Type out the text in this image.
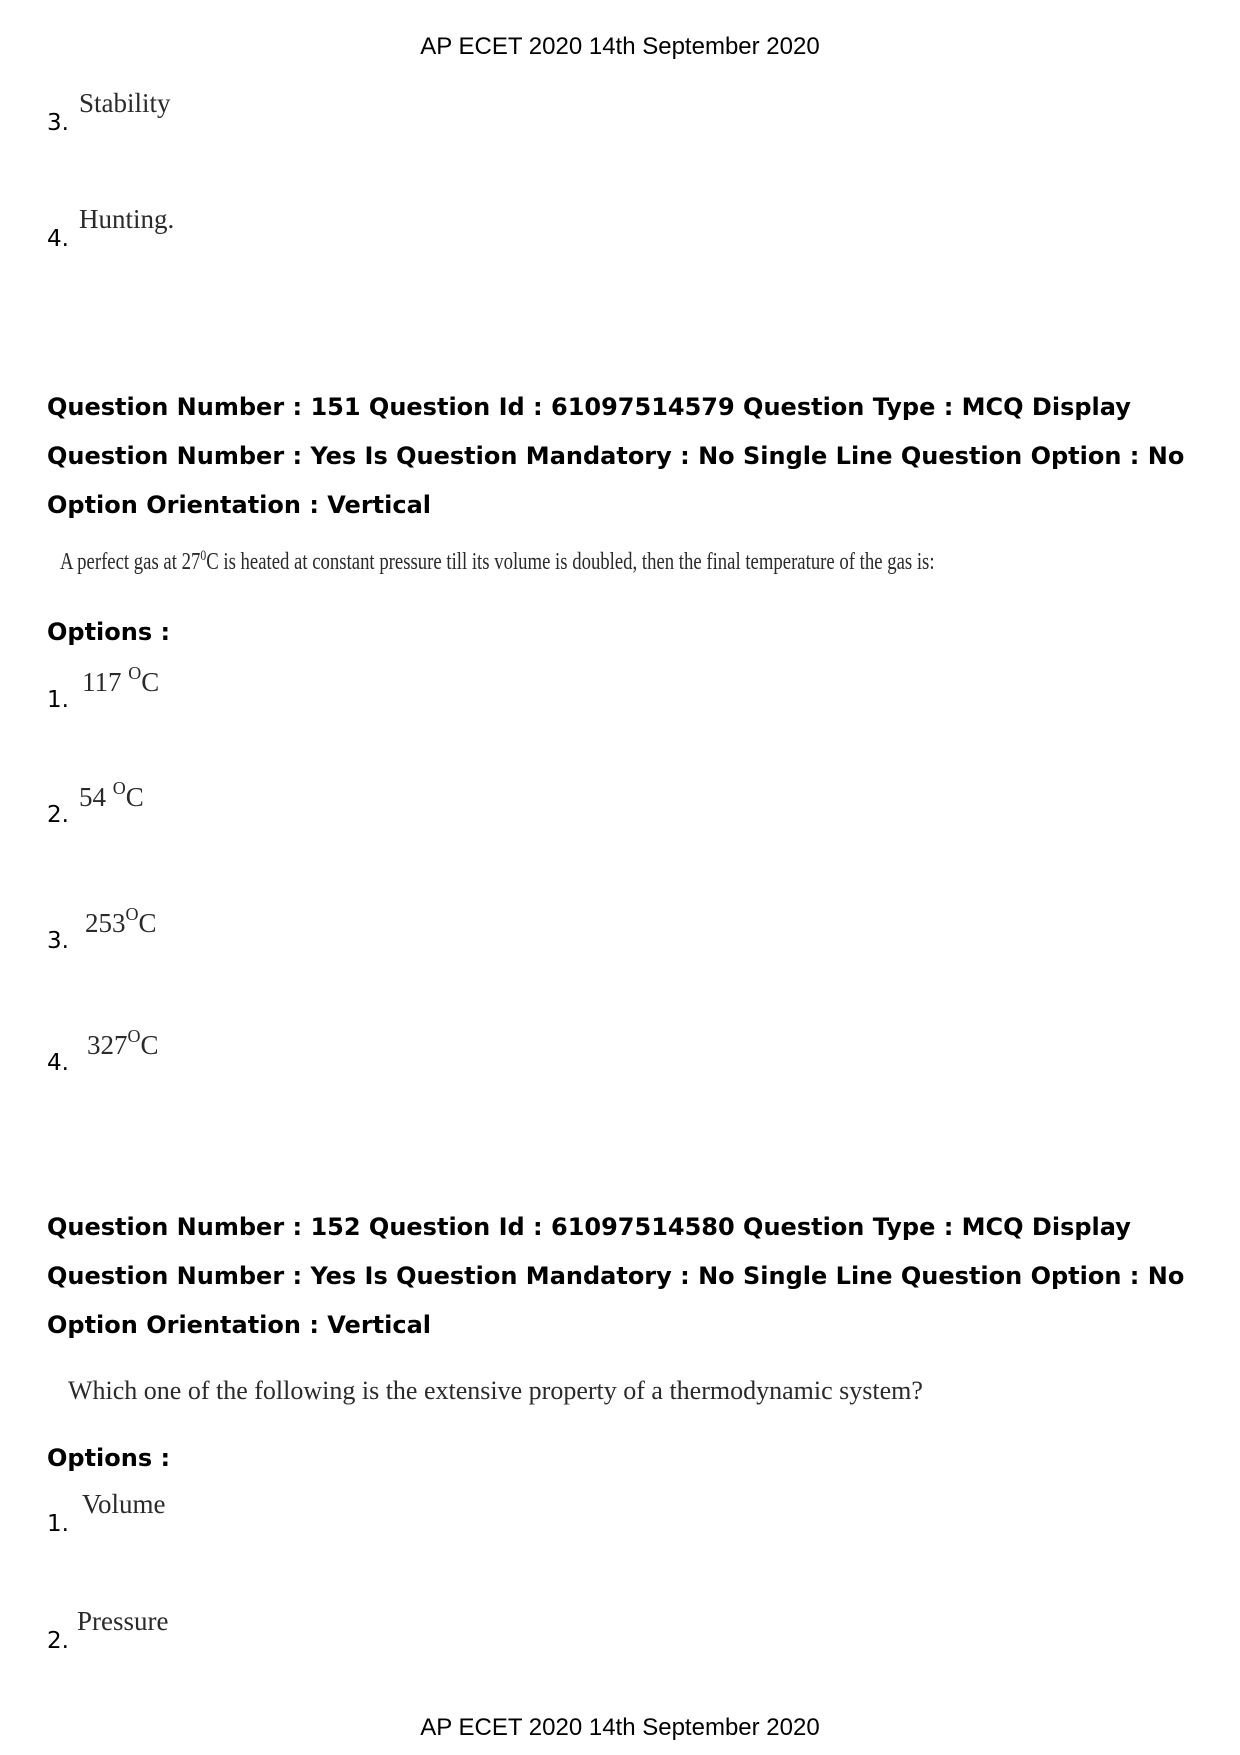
AP ECET 2020 14th September 2020
3.
Stability
4.
Hunting.

Question Number : 151 Question Id : 61097514579 Question Type : MCQ Display Question Number : Yes Is Question Mandatory : No Single Line Question Option : No Option Orientation : Vertical

A perfect gas at $27^0C$ is heated at constant pressure till its volume is doubled, then the final temperature of the gas is:
Options :
1.
117 $^O$C
2.
54 $^O$C
3.
$253^OC$
4.
$327^OC$

Question Number : 152 Question Id : 61097514580 Question Type : MCQ Display Question Number : Yes Is Question Mandatory : No Single Line Question Option : No Option Orientation : Vertical

Which one of the following is the extensive property of a thermodynamic system?
Options :
1.
Volume
2.
Pressure
AP ECET 2020 14th September 2020
